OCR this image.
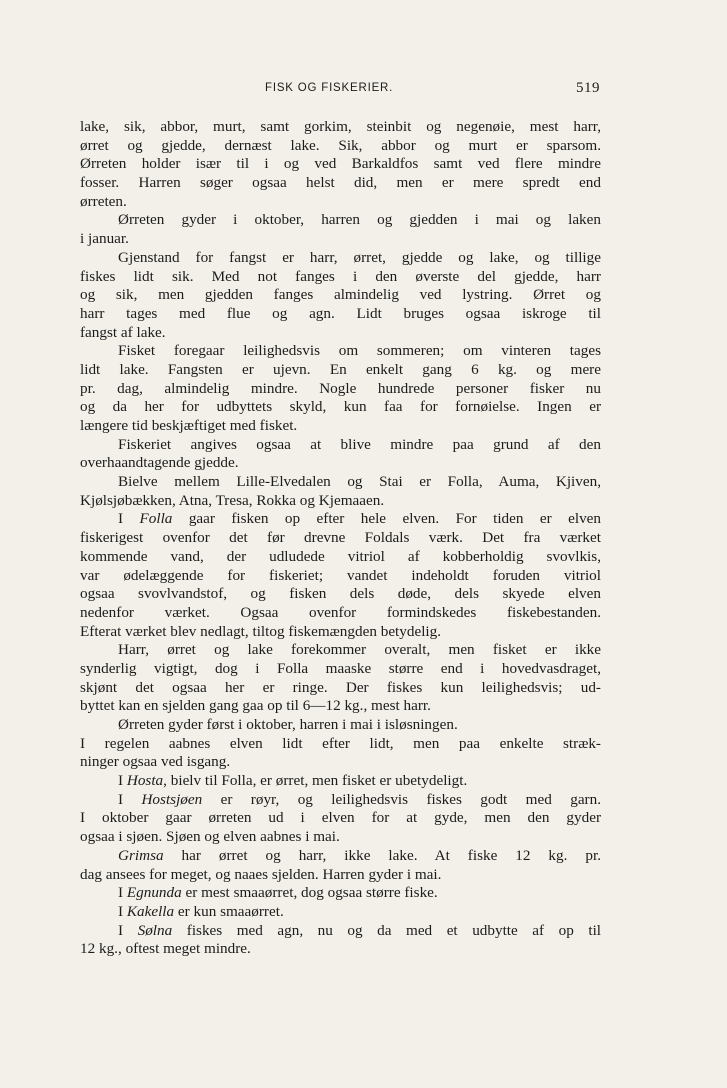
FISK OG FISKERIER.	519
lake, sik, abbor, murt, samt gorkim, steinbit og negenøie, mest harr,
ørret og gjedde, dernæst lake. Sik, abbor og murt er sparsom.
Ørreten holder især til i og ved Barkaldfos samt ved flere mindre
fosser. Harren søger ogsaa helst did, men er mere spredt end
ørreten.
Ørreten gyder i oktober, harren og gjedden i mai og laken
i januar.
Gjenstand for fangst er harr, ørret, gjedde og lake, og tillige
fiskes lidt sik. Med not fanges i den øverste del gjedde, harr
og sik, men gjedden fanges almindelig ved lystring. Ørret og
harr tages med flue og agn. Lidt bruges ogsaa iskroge til
fangst af lake.
Fisket foregaar leilighedsvis om sommeren; om vinteren tages
lidt lake. Fangsten er ujevn. En enkelt gang 6 kg. og mere
pr. dag, almindelig mindre. Nogle hundrede personer fisker nu
og da her for udbyttets skyld, kun faa for fornøielse. Ingen er
længere tid beskjæftiget med fisket.
Fiskeriet angives ogsaa at blive mindre paa grund af den
overhaandtagende gjedde.
Bielve mellem Lille-Elvedalen og Stai er Folla, Auma, Kjiven,
Kjølsjøbækken, Atna, Tresa, Rokka og Kjemaaen.
I Folla gaar fisken op efter hele elven. For tiden er elven
fiskerigest ovenfor det før drevne Foldals værk. Det fra værket
kommende vand, der udludede vitriol af kobberholdig svovlkis,
var ødelæggende for fiskeriet; vandet indeholdt foruden vitriol
ogsaa svovlvandstof, og fisken dels døde, dels skyede elven
nedenfor værket. Ogsaa ovenfor formindskedes fiskebestanden.
Efterat værket blev nedlagt, tiltog fiskemængden betydelig.
Harr, ørret og lake forekommer overalt, men fisket er ikke
synderlig vigtigt, dog i Folla maaske større end i hovedvasdraget,
skjønt det ogsaa her er ringe. Der fiskes kun leilighedsvis; ud-
byttet kan en sjelden gang gaa op til 6—12 kg., mest harr.
Ørreten gyder først i oktober, harren i mai i isløsningen.
I regelen aabnes elven lidt efter lidt, men paa enkelte stræk-
ninger ogsaa ved isgang.
I Hosta, bielv til Folla, er ørret, men fisket er ubetydeligt.
I Hostsjøen er røyr, og leilighedsvis fiskes godt med garn.
I oktober gaar ørreten ud i elven for at gyde, men den gyder
ogsaa i sjøen. Sjøen og elven aabnes i mai.
Grimsa har ørret og harr, ikke lake. At fiske 12 kg. pr.
dag ansees for meget, og naaes sjelden. Harren gyder i mai.
I Egnunda er mest smaaørret, dog ogsaa større fiske.
I Kakella er kun smaaørret.
I Sølna fiskes med agn, nu og da med et udbytte af op til
12 kg., oftest meget mindre.
